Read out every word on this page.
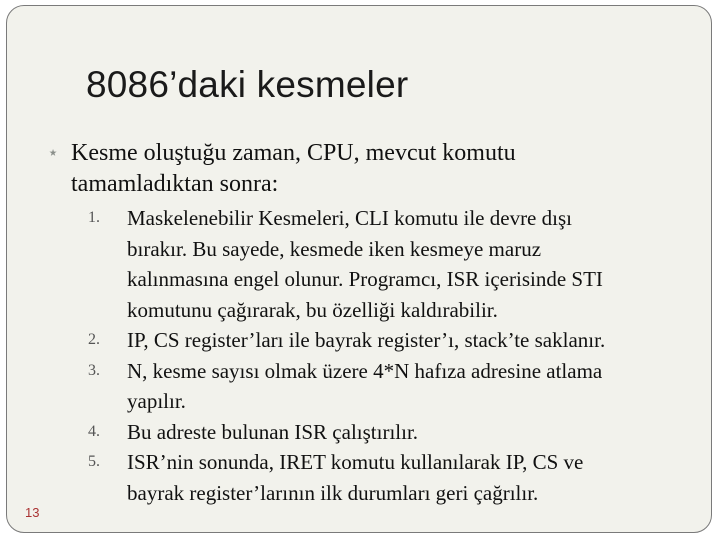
8086’daki kesmeler
⭑ Kesme oluştuğu zaman, CPU, mevcut komutu
tamamladıktan sonra:
1. Maskelenebilir Kesmeleri, CLI komutu ile devre dışı
bırakır. Bu sayede, kesmede iken kesmeye maruz
kalınmasına engel olunur. Programcı, ISR içerisinde STI
komutunu çağırarak, bu özelliği kaldırabilir.
2. IP, CS register’ları ile bayrak register’ı, stack’te saklanır.
3. N, kesme sayısı olmak üzere 4*N hafıza adresine atlama
yapılır.
4. Bu adreste bulunan ISR çalıştırılır.
5. ISR’nin sonunda, IRET komutu kullanılarak IP, CS ve
bayrak register’larının ilk durumları geri çağrılır.
13
